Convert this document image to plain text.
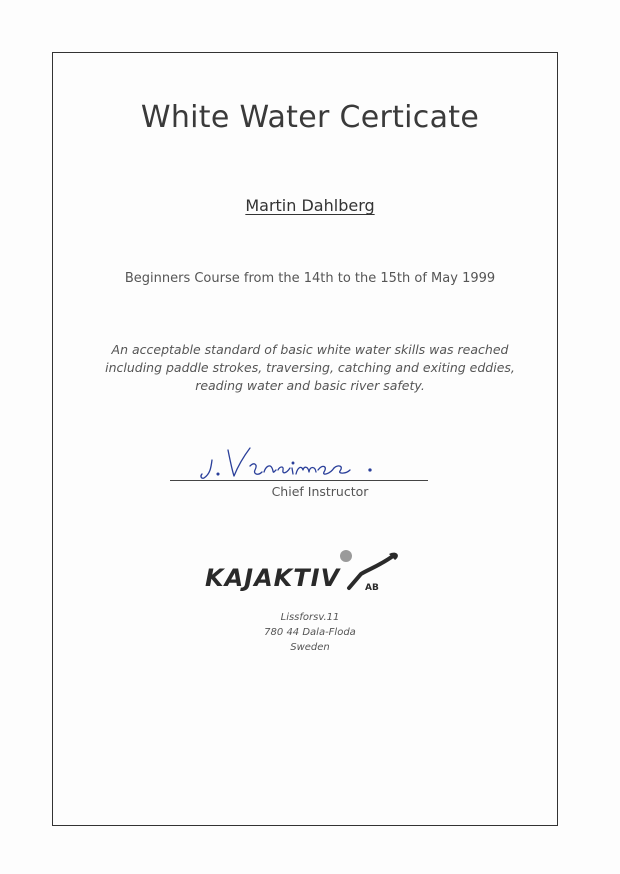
White Water Certicate
Martin Dahlberg
Beginners Course from the 14th to the 15th of May 1999
An acceptable standard of basic white water skills was reached
including paddle strokes, traversing, catching and exiting eddies,
reading water and basic river safety.
Chief Instructor
KAJAKTIV	AB
Lissforsv.11
780 44 Dala-Floda
Sweden
